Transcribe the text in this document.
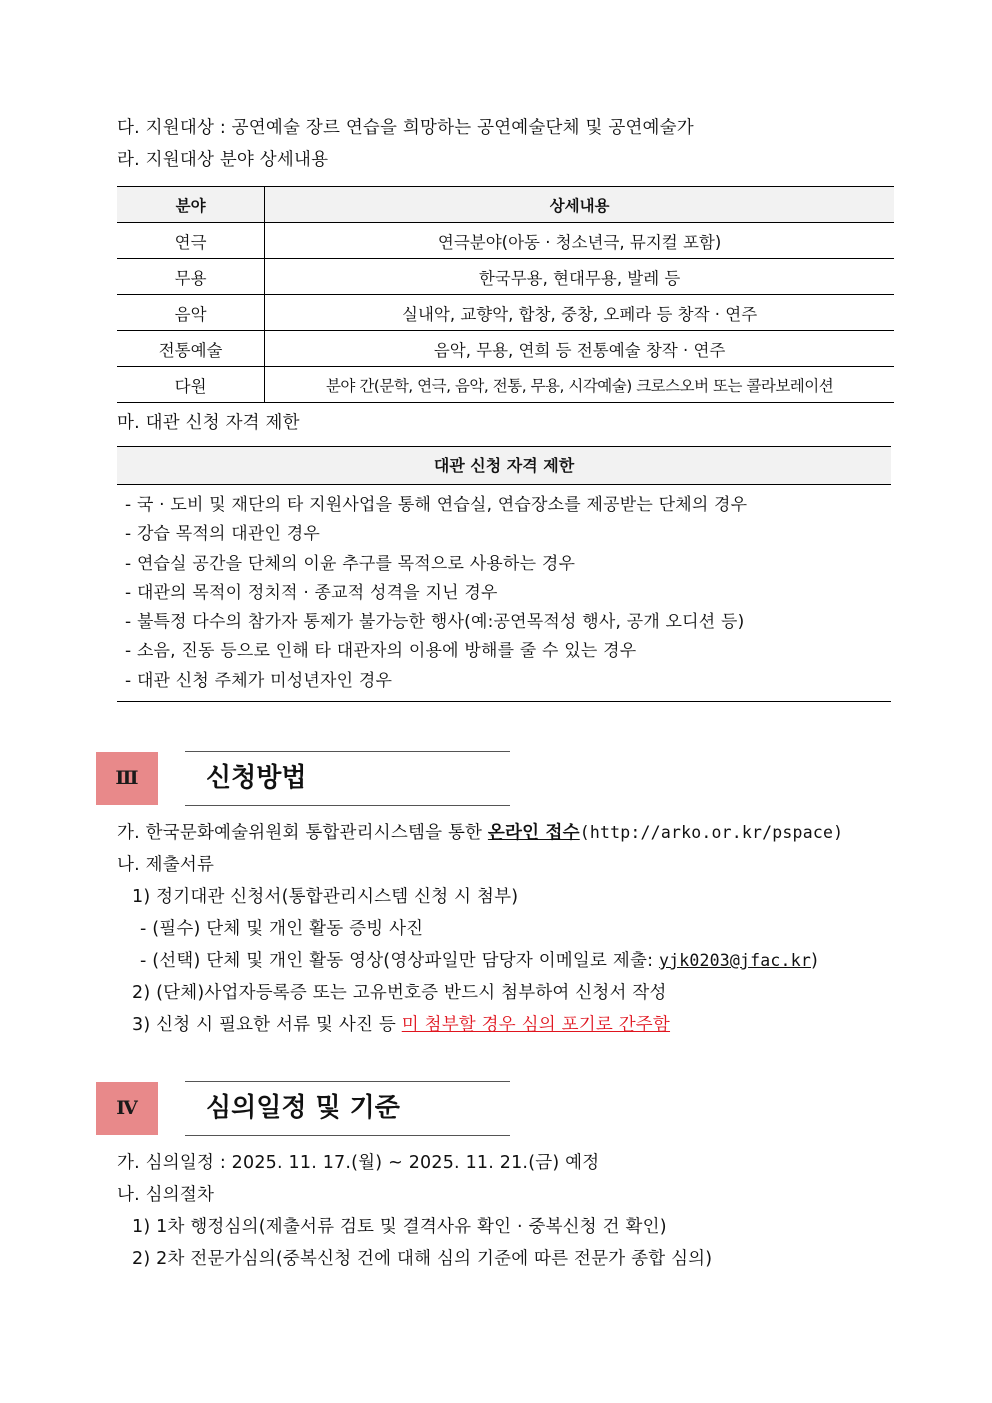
다. 지원대상 : 공연예술 장르 연습을 희망하는 공연예술단체 및 공연예술가
라. 지원대상 분야 상세내용
분야	상세내용
연극	연극분야(아동 · 청소년극, 뮤지컬 포함)
무용	한국무용, 현대무용, 발레 등
음악	실내악, 교향악, 합창, 중창, 오페라 등 창작 · 연주
전통예술	음악, 무용, 연희 등 전통예술 창작 · 연주
다원	분야 간(문학, 연극, 음악, 전통, 무용, 시각예술) 크로스오버 또는 콜라보레이션
마. 대관 신청 자격 제한
대관 신청 자격 제한
- 국 · 도비 및 재단의 타 지원사업을 통해 연습실, 연습장소를 제공받는 단체의 경우
- 강습 목적의 대관인 경우
- 연습실 공간을 단체의 이윤 추구를 목적으로 사용하는 경우
- 대관의 목적이 정치적 · 종교적 성격을 지닌 경우
- 불특정 다수의 참가자 통제가 불가능한 행사(예:공연목적성 행사, 공개 오디션 등)
- 소음, 진동 등으로 인해 타 대관자의 이용에 방해를 줄 수 있는 경우
- 대관 신청 주체가 미성년자인 경우
Ⅲ	신청방법
가. 한국문화예술위원회 통합관리시스템을 통한 온라인 접수(http://arko.or.kr/pspace)
나. 제출서류
1) 정기대관 신청서(통합관리시스템 신청 시 첨부)
- (필수) 단체 및 개인 활동 증빙 사진
- (선택) 단체 및 개인 활동 영상(영상파일만 담당자 이메일로 제출: yjk0203@jfac.kr)
2) (단체)사업자등록증 또는 고유번호증 반드시 첨부하여 신청서 작성
3) 신청 시 필요한 서류 및 사진 등 미 첨부할 경우 심의 포기로 간주함
Ⅳ	심의일정 및 기준
가. 심의일정 : 2025. 11. 17.(월) ~ 2025. 11. 21.(금) 예정
나. 심의절차
1) 1차 행정심의(제출서류 검토 및 결격사유 확인 · 중복신청 건 확인)
2) 2차 전문가심의(중복신청 건에 대해 심의 기준에 따른 전문가 종합 심의)
